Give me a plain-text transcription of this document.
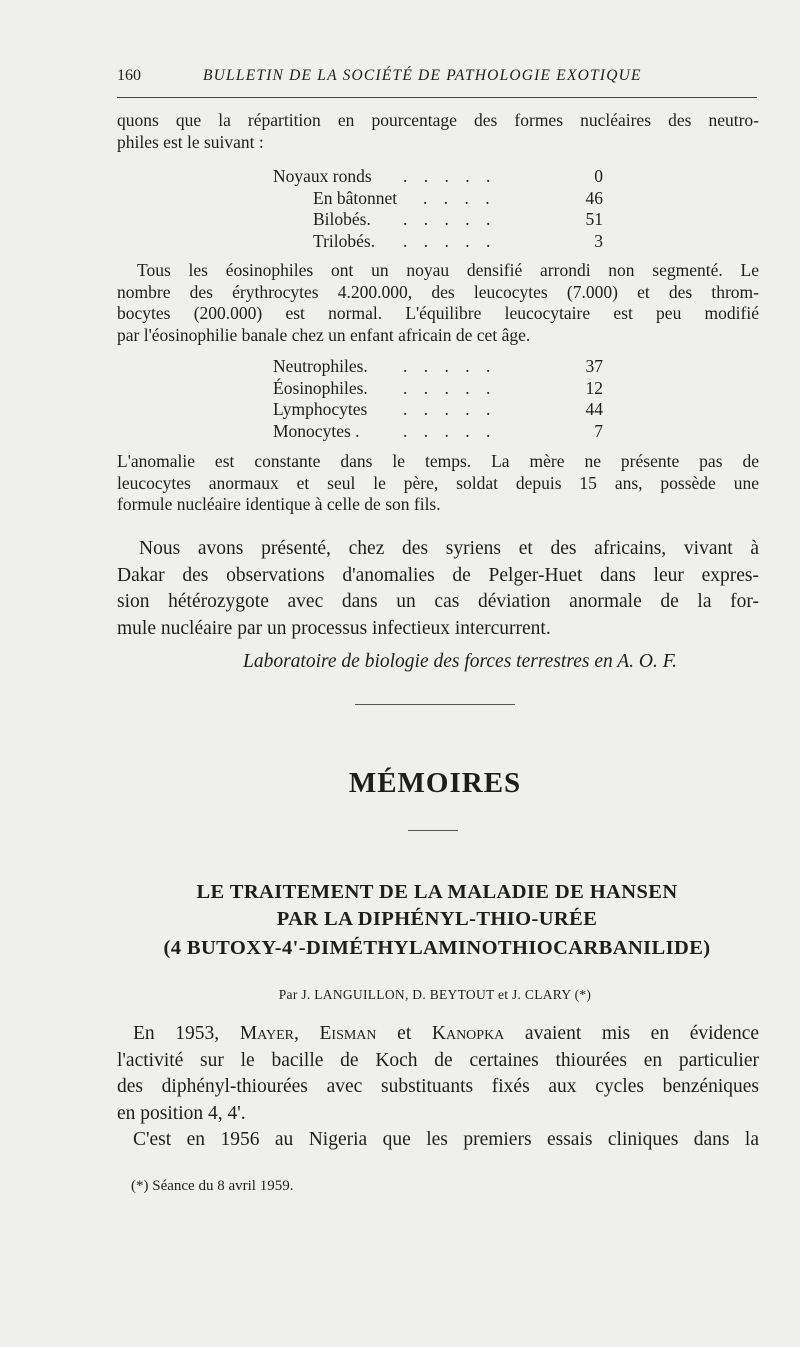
160	BULLETIN DE LA SOCIÉTÉ DE PATHOLOGIE EXOTIQUE
quons que la répartition en pourcentage des formes nucléaires des neutro-
philes est le suivant :
Noyaux ronds . . . . .	0
En bâtonnet . . . .	46
Bilobés. . . . . .	51
Trilobés. . . . . .	3
Tous les éosinophiles ont un noyau densifié arrondi non segmenté. Le
nombre des érythrocytes 4.200.000, des leucocytes (7.000) et des throm-
bocytes (200.000) est normal. L'équilibre leucocytaire est peu modifié
par l'éosinophilie banale chez un enfant africain de cet âge.
Neutrophiles. . . . . .	37
Éosinophiles. . . . . .	12
Lymphocytes . . . . .	44
Monocytes . . . . . .	7
L'anomalie est constante dans le temps. La mère ne présente pas de
leucocytes anormaux et seul le père, soldat depuis 15 ans, possède une
formule nucléaire identique à celle de son fils.
Nous avons présenté, chez des syriens et des africains, vivant à
Dakar des observations d'anomalies de Pelger-Huet dans leur expres-
sion hétérozygote avec dans un cas déviation anormale de la for-
mule nucléaire par un processus infectieux intercurrent.
Laboratoire de biologie des forces terrestres en A. O. F.
MÉMOIRES
LE TRAITEMENT DE LA MALADIE DE HANSEN
PAR LA DIPHÉNYL-THIO-URÉE
(4 BUTOXY-4'-DIMÉTHYLAMINOTHIOCARBANILIDE)
Par J. LANGUILLON, D. BEYTOUT et J. CLARY (*)
En 1953, Mayer, Eisman et Kanopka avaient mis en évidence
l'activité sur le bacille de Koch de certaines thiourées en particulier
des diphényl-thiourées avec substituants fixés aux cycles benzéniques
en position 4, 4'.
C'est en 1956 au Nigeria que les premiers essais cliniques dans la
(*) Séance du 8 avril 1959.
